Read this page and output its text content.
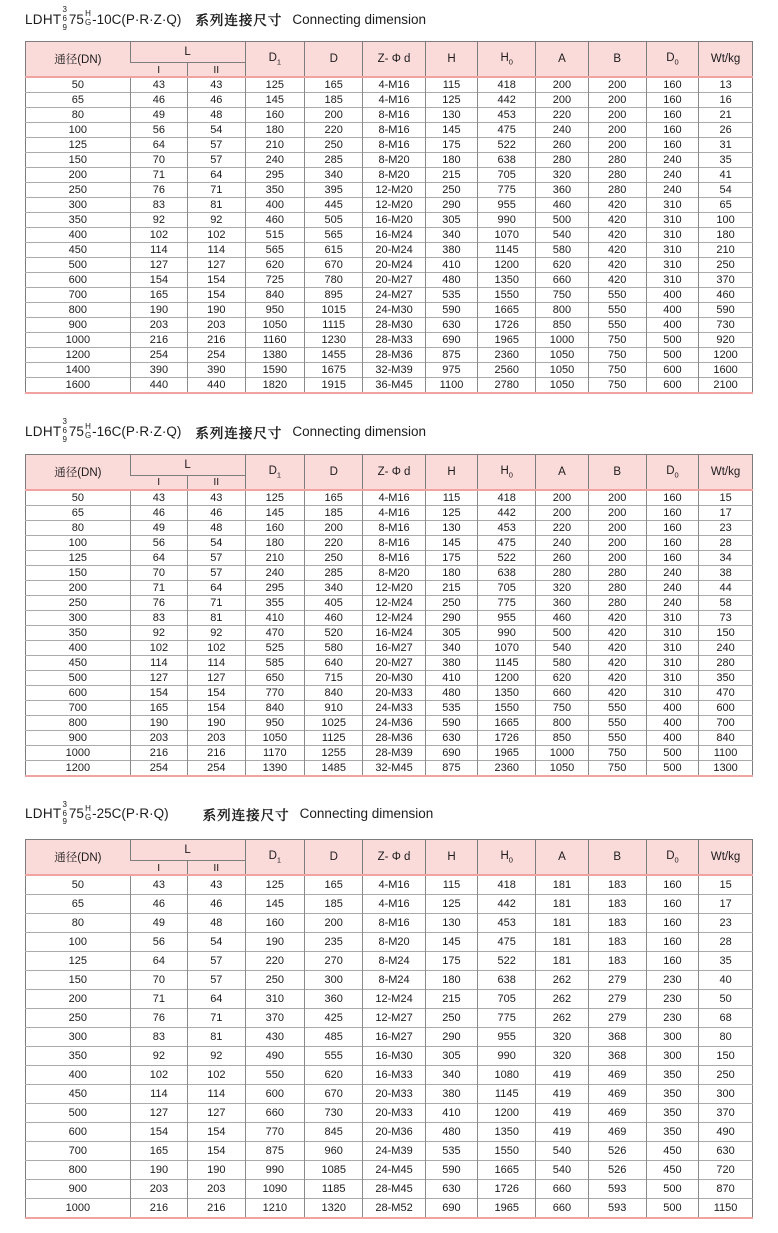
LDHT
3
6
9
75 H
G -10C(P·R·Z·Q) 系列连接尺寸 Connecting dimension
通径(DN)	L		$D_1$	D	Z- Φ d	H	$H_0$	A	B	$D_0$	Wt/kg
	I	II									
50	43	43	125	165	4-M16	115	418	200	200	160	13
65	46	46	145	185	4-M16	125	442	200	200	160	16
80	49	48	160	200	8-M16	130	453	220	200	160	21
100	56	54	180	220	8-M16	145	475	240	200	160	26
125	64	57	210	250	8-M16	175	522	260	200	160	31
150	70	57	240	285	8-M20	180	638	280	280	240	35
200	71	64	295	340	8-M20	215	705	320	280	240	41
250	76	71	350	395	12-M20	250	775	360	280	240	54
300	83	81	400	445	12-M20	290	955	460	420	310	65
350	92	92	460	505	16-M20	305	990	500	420	310	100
400	102	102	515	565	16-M24	340	1070	540	420	310	180
450	114	114	565	615	20-M24	380	1145	580	420	310	210
500	127	127	620	670	20-M24	410	1200	620	420	310	250
600	154	154	725	780	20-M27	480	1350	660	420	310	370
700	165	154	840	895	24-M27	535	1550	750	550	400	460
800	190	190	950	1015	24-M30	590	1665	800	550	400	590
900	203	203	1050	1115	28-M30	630	1726	850	550	400	730
1000	216	216	1160	1230	28-M33	690	1965	1000	750	500	920
1200	254	254	1380	1455	28-M36	875	2360	1050	750	500	1200
1400	390	390	1590	1675	32-M39	975	2560	1050	750	600	1600
1600	440	440	1820	1915	36-M45	1100	2780	1050	750	600	2100
LDHT
3
6
9
75 H
G -16C(P·R·Z·Q) 系列连接尺寸 Connecting dimension
通径(DN)	L		$D_1$	D	Z- Φ d	H	$H_0$	A	B	$D_0$	Wt/kg
	I	II									
50	43	43	125	165	4-M16	115	418	200	200	160	15
65	46	46	145	185	4-M16	125	442	200	200	160	17
80	49	48	160	200	8-M16	130	453	220	200	160	23
100	56	54	180	220	8-M16	145	475	240	200	160	28
125	64	57	210	250	8-M16	175	522	260	200	160	34
150	70	57	240	285	8-M20	180	638	280	280	240	38
200	71	64	295	340	12-M20	215	705	320	280	240	44
250	76	71	355	405	12-M24	250	775	360	280	240	58
300	83	81	410	460	12-M24	290	955	460	420	310	73
350	92	92	470	520	16-M24	305	990	500	420	310	150
400	102	102	525	580	16-M27	340	1070	540	420	310	240
450	114	114	585	640	20-M27	380	1145	580	420	310	280
500	127	127	650	715	20-M30	410	1200	620	420	310	350
600	154	154	770	840	20-M33	480	1350	660	420	310	470
700	165	154	840	910	24-M33	535	1550	750	550	400	600
800	190	190	950	1025	24-M36	590	1665	800	550	400	700
900	203	203	1050	1125	28-M36	630	1726	850	550	400	840
1000	216	216	1170	1255	28-M39	690	1965	1000	750	500	1100
1200	254	254	1390	1485	32-M45	875	2360	1050	750	500	1300
LDHT
3
6
9
75 H
G -25C(P·R·Q)	系列连接尺寸 Connecting dimension
通径(DN)	L		$D_1$	D	Z- Φ d	H	$H_0$	A	B	$D_0$	Wt/kg
	I	II									
50	43	43	125	165	4-M16	115	418	181	183	160	15
65	46	46	145	185	4-M16	125	442	181	183	160	17
80	49	48	160	200	8-M16	130	453	181	183	160	23
100	56	54	190	235	8-M20	145	475	181	183	160	28
125	64	57	220	270	8-M24	175	522	181	183	160	35
150	70	57	250	300	8-M24	180	638	262	279	230	40
200	71	64	310	360	12-M24	215	705	262	279	230	50
250	76	71	370	425	12-M27	250	775	262	279	230	68
300	83	81	430	485	16-M27	290	955	320	368	300	80
350	92	92	490	555	16-M30	305	990	320	368	300	150
400	102	102	550	620	16-M33	340	1080	419	469	350	250
450	114	114	600	670	20-M33	380	1145	419	469	350	300
500	127	127	660	730	20-M33	410	1200	419	469	350	370
600	154	154	770	845	20-M36	480	1350	419	469	350	490
700	165	154	875	960	24-M39	535	1550	540	526	450	630
800	190	190	990	1085	24-M45	590	1665	540	526	450	720
900	203	203	1090	1185	28-M45	630	1726	660	593	500	870
1000	216	216	1210	1320	28-M52	690	1965	660	593	500	1150
